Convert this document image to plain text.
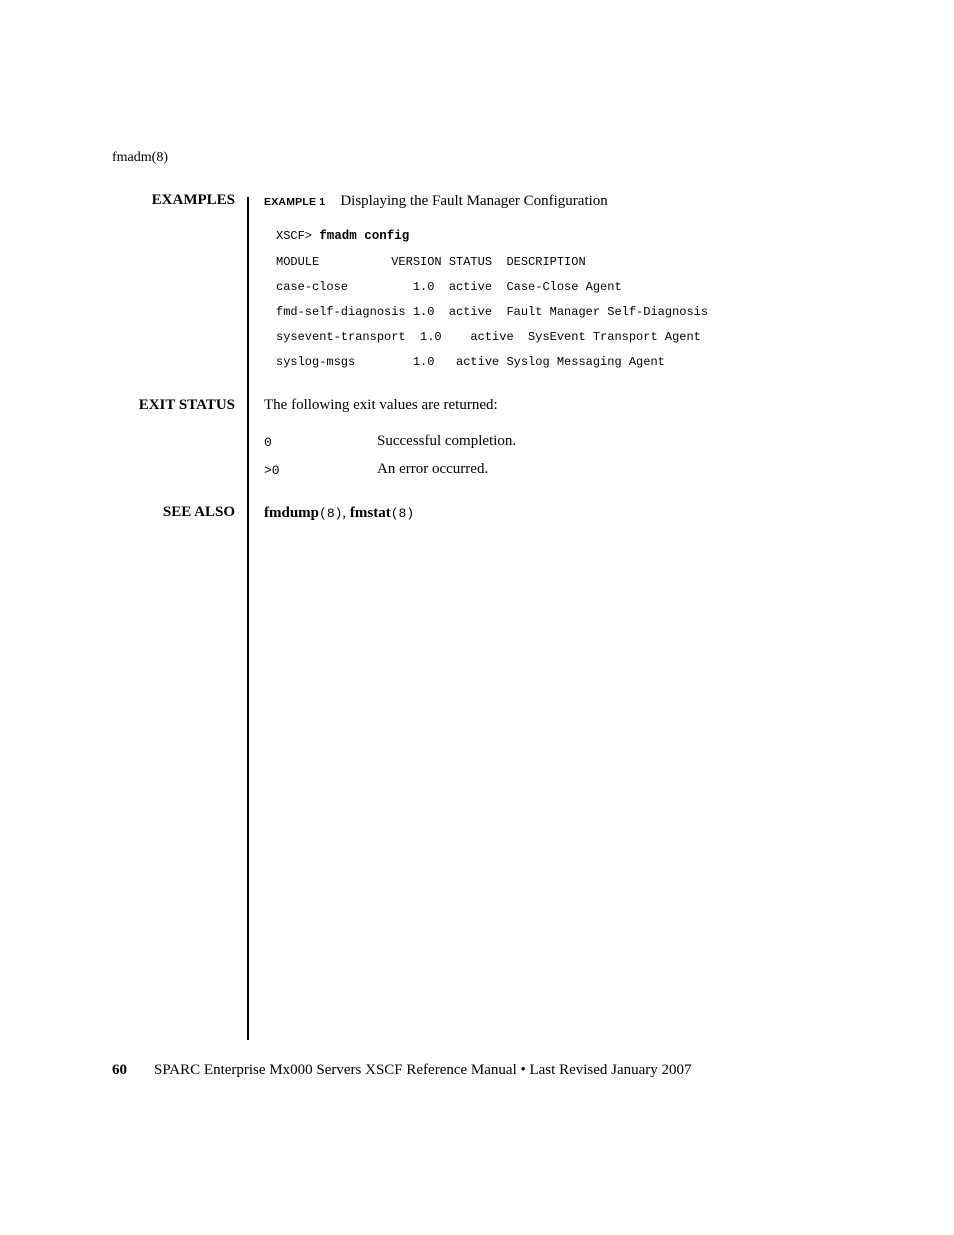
fmadm(8)
EXAMPLES	EXAMPLE 1 Displaying the Fault Manager Configuration
XSCF> fmadm config
MODULE          VERSION STATUS  DESCRIPTION
case-close         1.0  active  Case-Close Agent
fmd-self-diagnosis 1.0  active  Fault Manager Self-Diagnosis
sysevent-transport  1.0    active  SysEvent Transport Agent
syslog-msgs        1.0   active Syslog Messaging Agent
EXIT STATUS The following exit values are returned:
0	Successful completion.
>0	An error occurred.
SEE ALSO fmdump(8), fmstat(8)
60 SPARC Enterprise Mx000 Servers XSCF Reference Manual • Last Revised January 2007
